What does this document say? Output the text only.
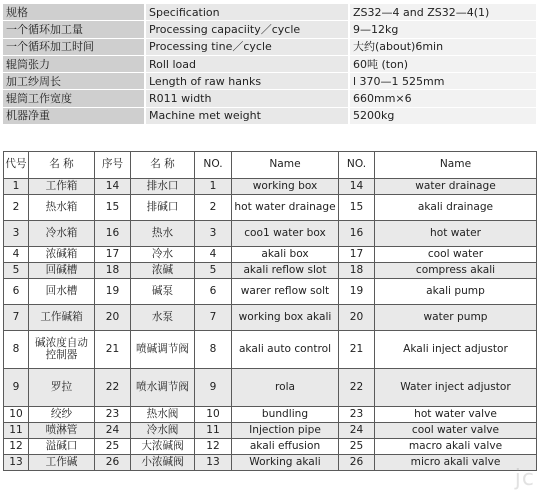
规格	Specification	ZS32—4 and ZS32—4(1)
一个循环加工量	Processing capaciity／cycle	9—12kg
一个循环加工时间	Processing tine／cycle	大约(about)6min
辊筒张力	Roll load	60吨 (ton)
加工纱周长	Length of raw hanks	l 370—1 525mm
辊筒工作宽度	R011 width	660mm×6
机器净重	Machine met weight	5200kg
代号	名 称	序号	名 称	NO.	Name	NO.	Name
1	工作箱	14	排水口	1	working box	14	water drainage
2	热水箱	15	排碱口	2	hot water drainage	15	akali drainage
3	冷水箱	16	热水	3	coo1 water box	16	hot water
4	浓碱箱	17	冷水	4	akali box	17	cool water
5	回碱槽	18	浓碱	5	akali reflow slot	18	compress akali
6	回水槽	19	碱泵	6	warer reflow solt	19	akali pump
7	工作碱箱	20	水泵	7	working box akali	20	water pump
8	碱浓度自动控制器	21	喷碱调节阀	8	akali auto control	21	Akali inject adjustor
9	罗拉	22	喷水调节阀	9	rola	22	Water inject adjustor
10	绞纱	23	热水阀	10	bundling	23	hot water valve
11	喷淋管	24	冷水阀	11	Injection pipe	24	cool water valve
12	溢碱口	25	大浓碱阀	12	akali effusion	25	macro akali valve
13	工作碱	26	小浓碱阀	13	Working akali	26	micro akali valve
jc
